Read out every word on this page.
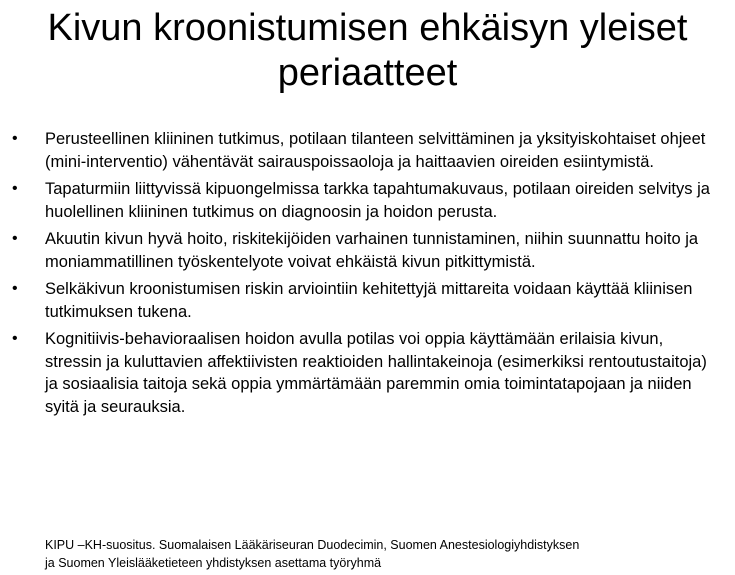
Kivun kroonistumisen ehkäisyn yleiset
periaatteet
•	Perusteellinen kliininen tutkimus, potilaan tilanteen selvittäminen ja yksityiskohtaiset ohjeet (mini-interventio) vähentävät sairauspoissaoloja ja haittaavien oireiden esiintymistä.
•	Tapaturmiin liittyvissä kipuongelmissa tarkka tapahtumakuvaus, potilaan oireiden selvitys ja huolellinen kliininen tutkimus on diagnoosin ja hoidon perusta.
•	Akuutin kivun hyvä hoito, riskitekijöiden varhainen tunnistaminen, niihin suunnattu hoito ja moniammatillinen työskentelyote voivat ehkäistä kivun pitkittymistä.
•	Selkäkivun kroonistumisen riskin arviointiin kehitettyjä mittareita voidaan käyttää kliinisen tutkimuksen tukena.
•	Kognitiivis-behavioraalisen hoidon avulla potilas voi oppia käyttämään erilaisia kivun, stressin ja kuluttavien affektiivisten reaktioiden hallintakeinoja (esimerkiksi rentoutustaitoja) ja sosiaalisia taitoja sekä oppia ymmärtämään paremmin omia toimintatapojaan ja niiden syitä ja seurauksia.
KIPU –KH-suositus. Suomalaisen Lääkäriseuran Duodecimin, Suomen Anestesiologiyhdistyksen
ja Suomen Yleislääketieteen yhdistyksen asettama työryhmä
